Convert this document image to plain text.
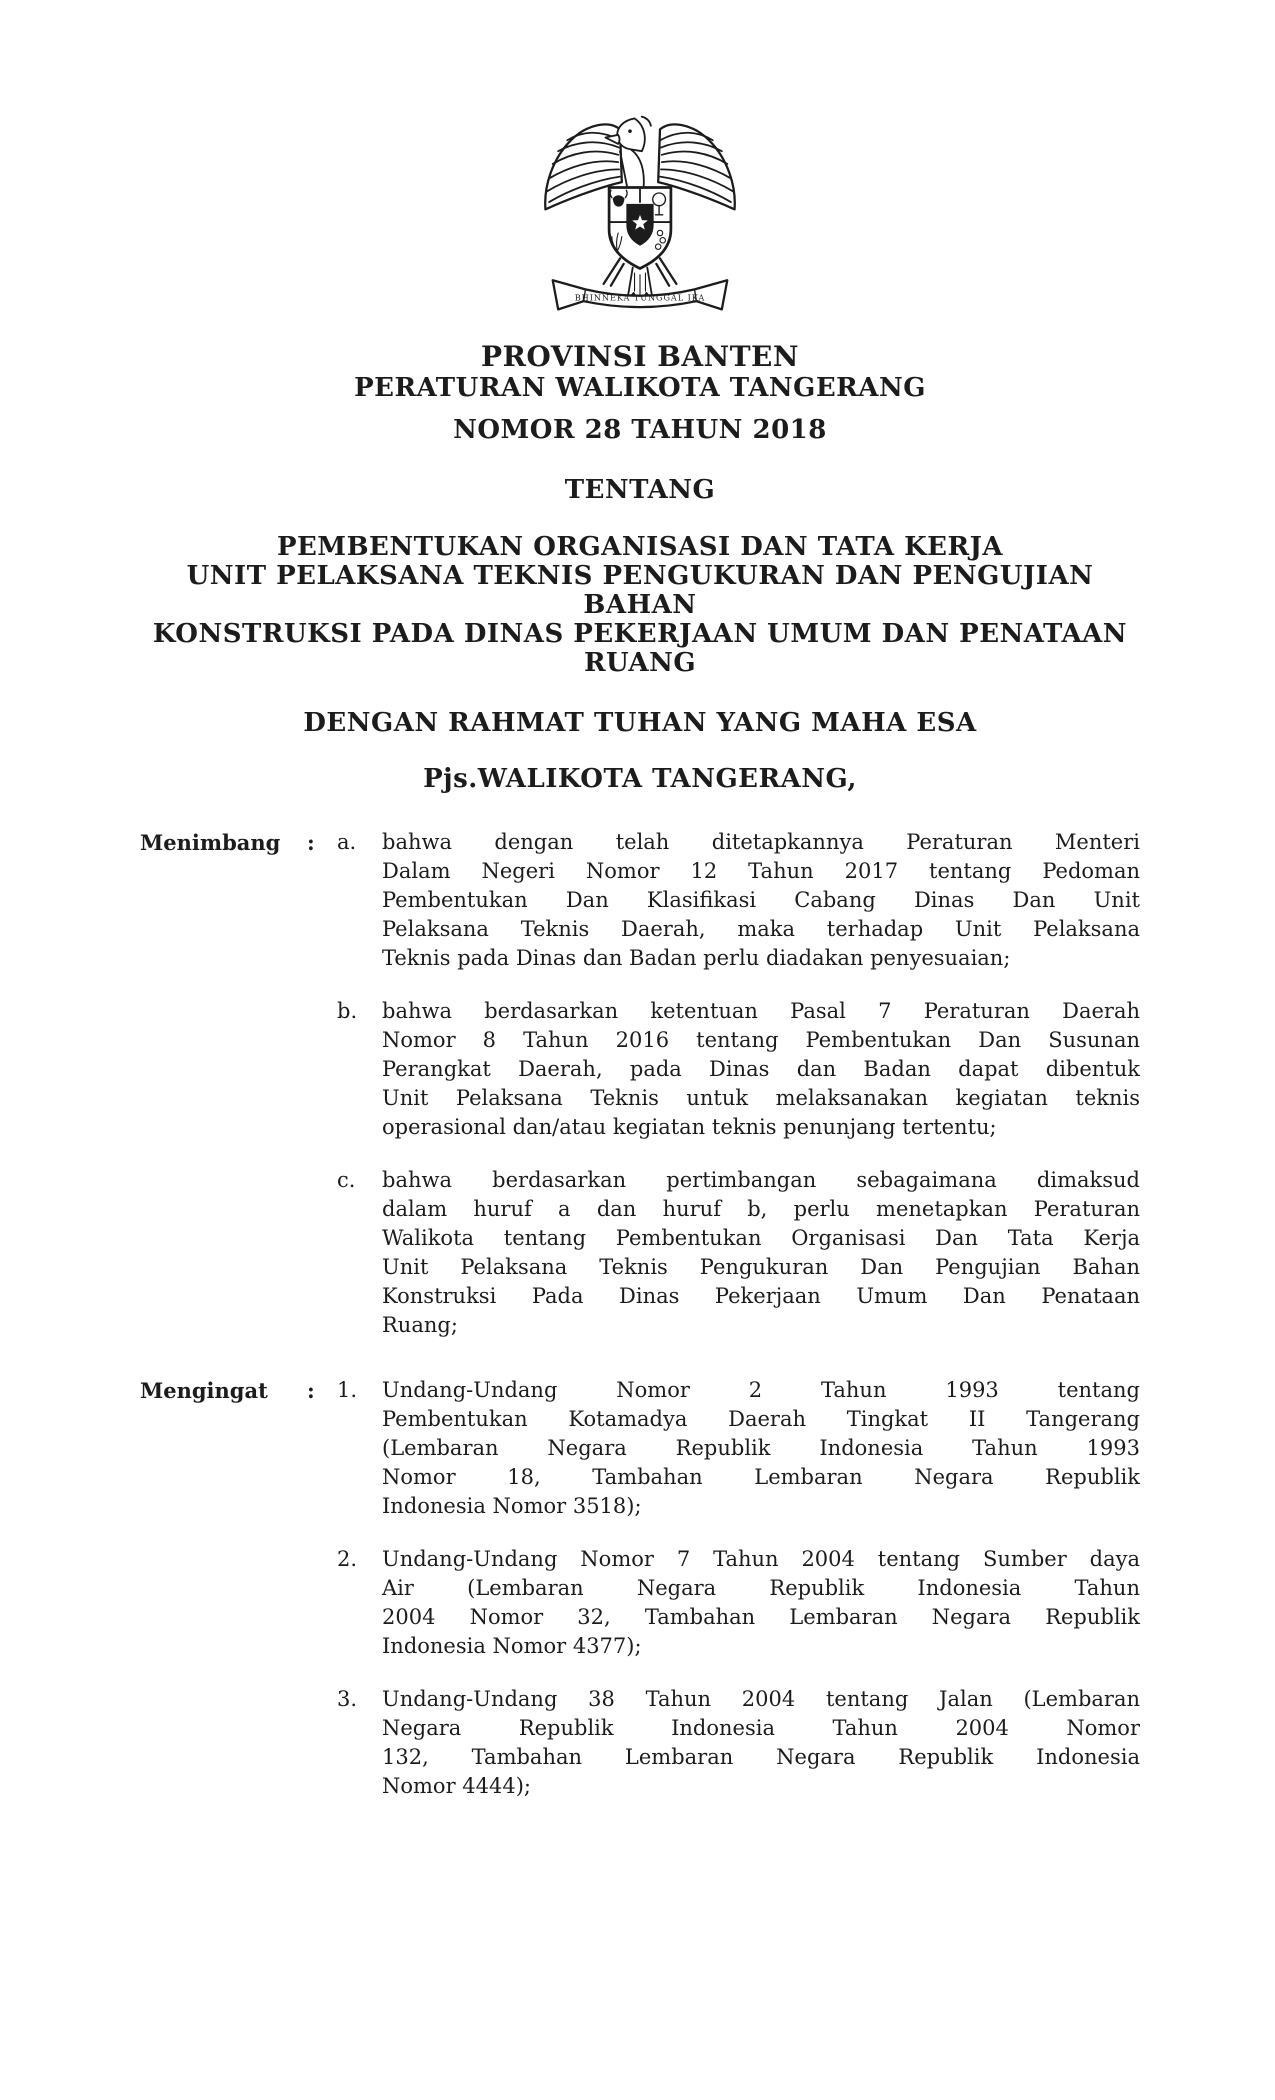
BHINNEKA TUNGGAL IKA
PROVINSI BANTEN
PERATURAN WALIKOTA TANGERANG
NOMOR 28 TAHUN 2018
TENTANG
PEMBENTUKAN ORGANISASI DAN TATA KERJA
UNIT PELAKSANA TEKNIS PENGUKURAN DAN PENGUJIAN BAHAN
KONSTRUKSI PADA DINAS PEKERJAAN UMUM DAN PENATAAN RUANG
DENGAN RAHMAT TUHAN YANG MAHA ESA
Pjs.WALIKOTA TANGERANG,
Menimbang	:	a.	bahwa dengan telah ditetapkannya Peraturan Menteri
Dalam Negeri Nomor 12 Tahun 2017 tentang Pedoman
Pembentukan Dan Klasifikasi Cabang Dinas Dan Unit
Pelaksana Teknis Daerah, maka terhadap Unit Pelaksana
Teknis pada Dinas dan Badan perlu diadakan penyesuaian;
b.	bahwa berdasarkan ketentuan Pasal 7 Peraturan Daerah
Nomor 8 Tahun 2016 tentang Pembentukan Dan Susunan
Perangkat Daerah, pada Dinas dan Badan dapat dibentuk
Unit Pelaksana Teknis untuk melaksanakan kegiatan teknis
operasional dan/atau kegiatan teknis penunjang tertentu;
c.	bahwa berdasarkan pertimbangan sebagaimana dimaksud
dalam huruf a dan huruf b, perlu menetapkan Peraturan
Walikota tentang Pembentukan Organisasi Dan Tata Kerja
Unit Pelaksana Teknis Pengukuran Dan Pengujian Bahan
Konstruksi Pada Dinas Pekerjaan Umum Dan Penataan
Ruang;
Mengingat	:	1.	Undang-Undang Nomor 2 Tahun 1993 tentang
Pembentukan Kotamadya Daerah Tingkat II Tangerang
(Lembaran Negara Republik Indonesia Tahun 1993
Nomor 18, Tambahan Lembaran Negara Republik
Indonesia Nomor 3518);
2.	Undang-Undang Nomor 7 Tahun 2004 tentang Sumber daya
Air (Lembaran Negara Republik Indonesia Tahun
2004 Nomor 32, Tambahan Lembaran Negara Republik
Indonesia Nomor 4377);
3.	Undang-Undang 38 Tahun 2004 tentang Jalan (Lembaran
Negara Republik Indonesia Tahun 2004 Nomor
132, Tambahan Lembaran Negara Republik Indonesia
Nomor 4444);
